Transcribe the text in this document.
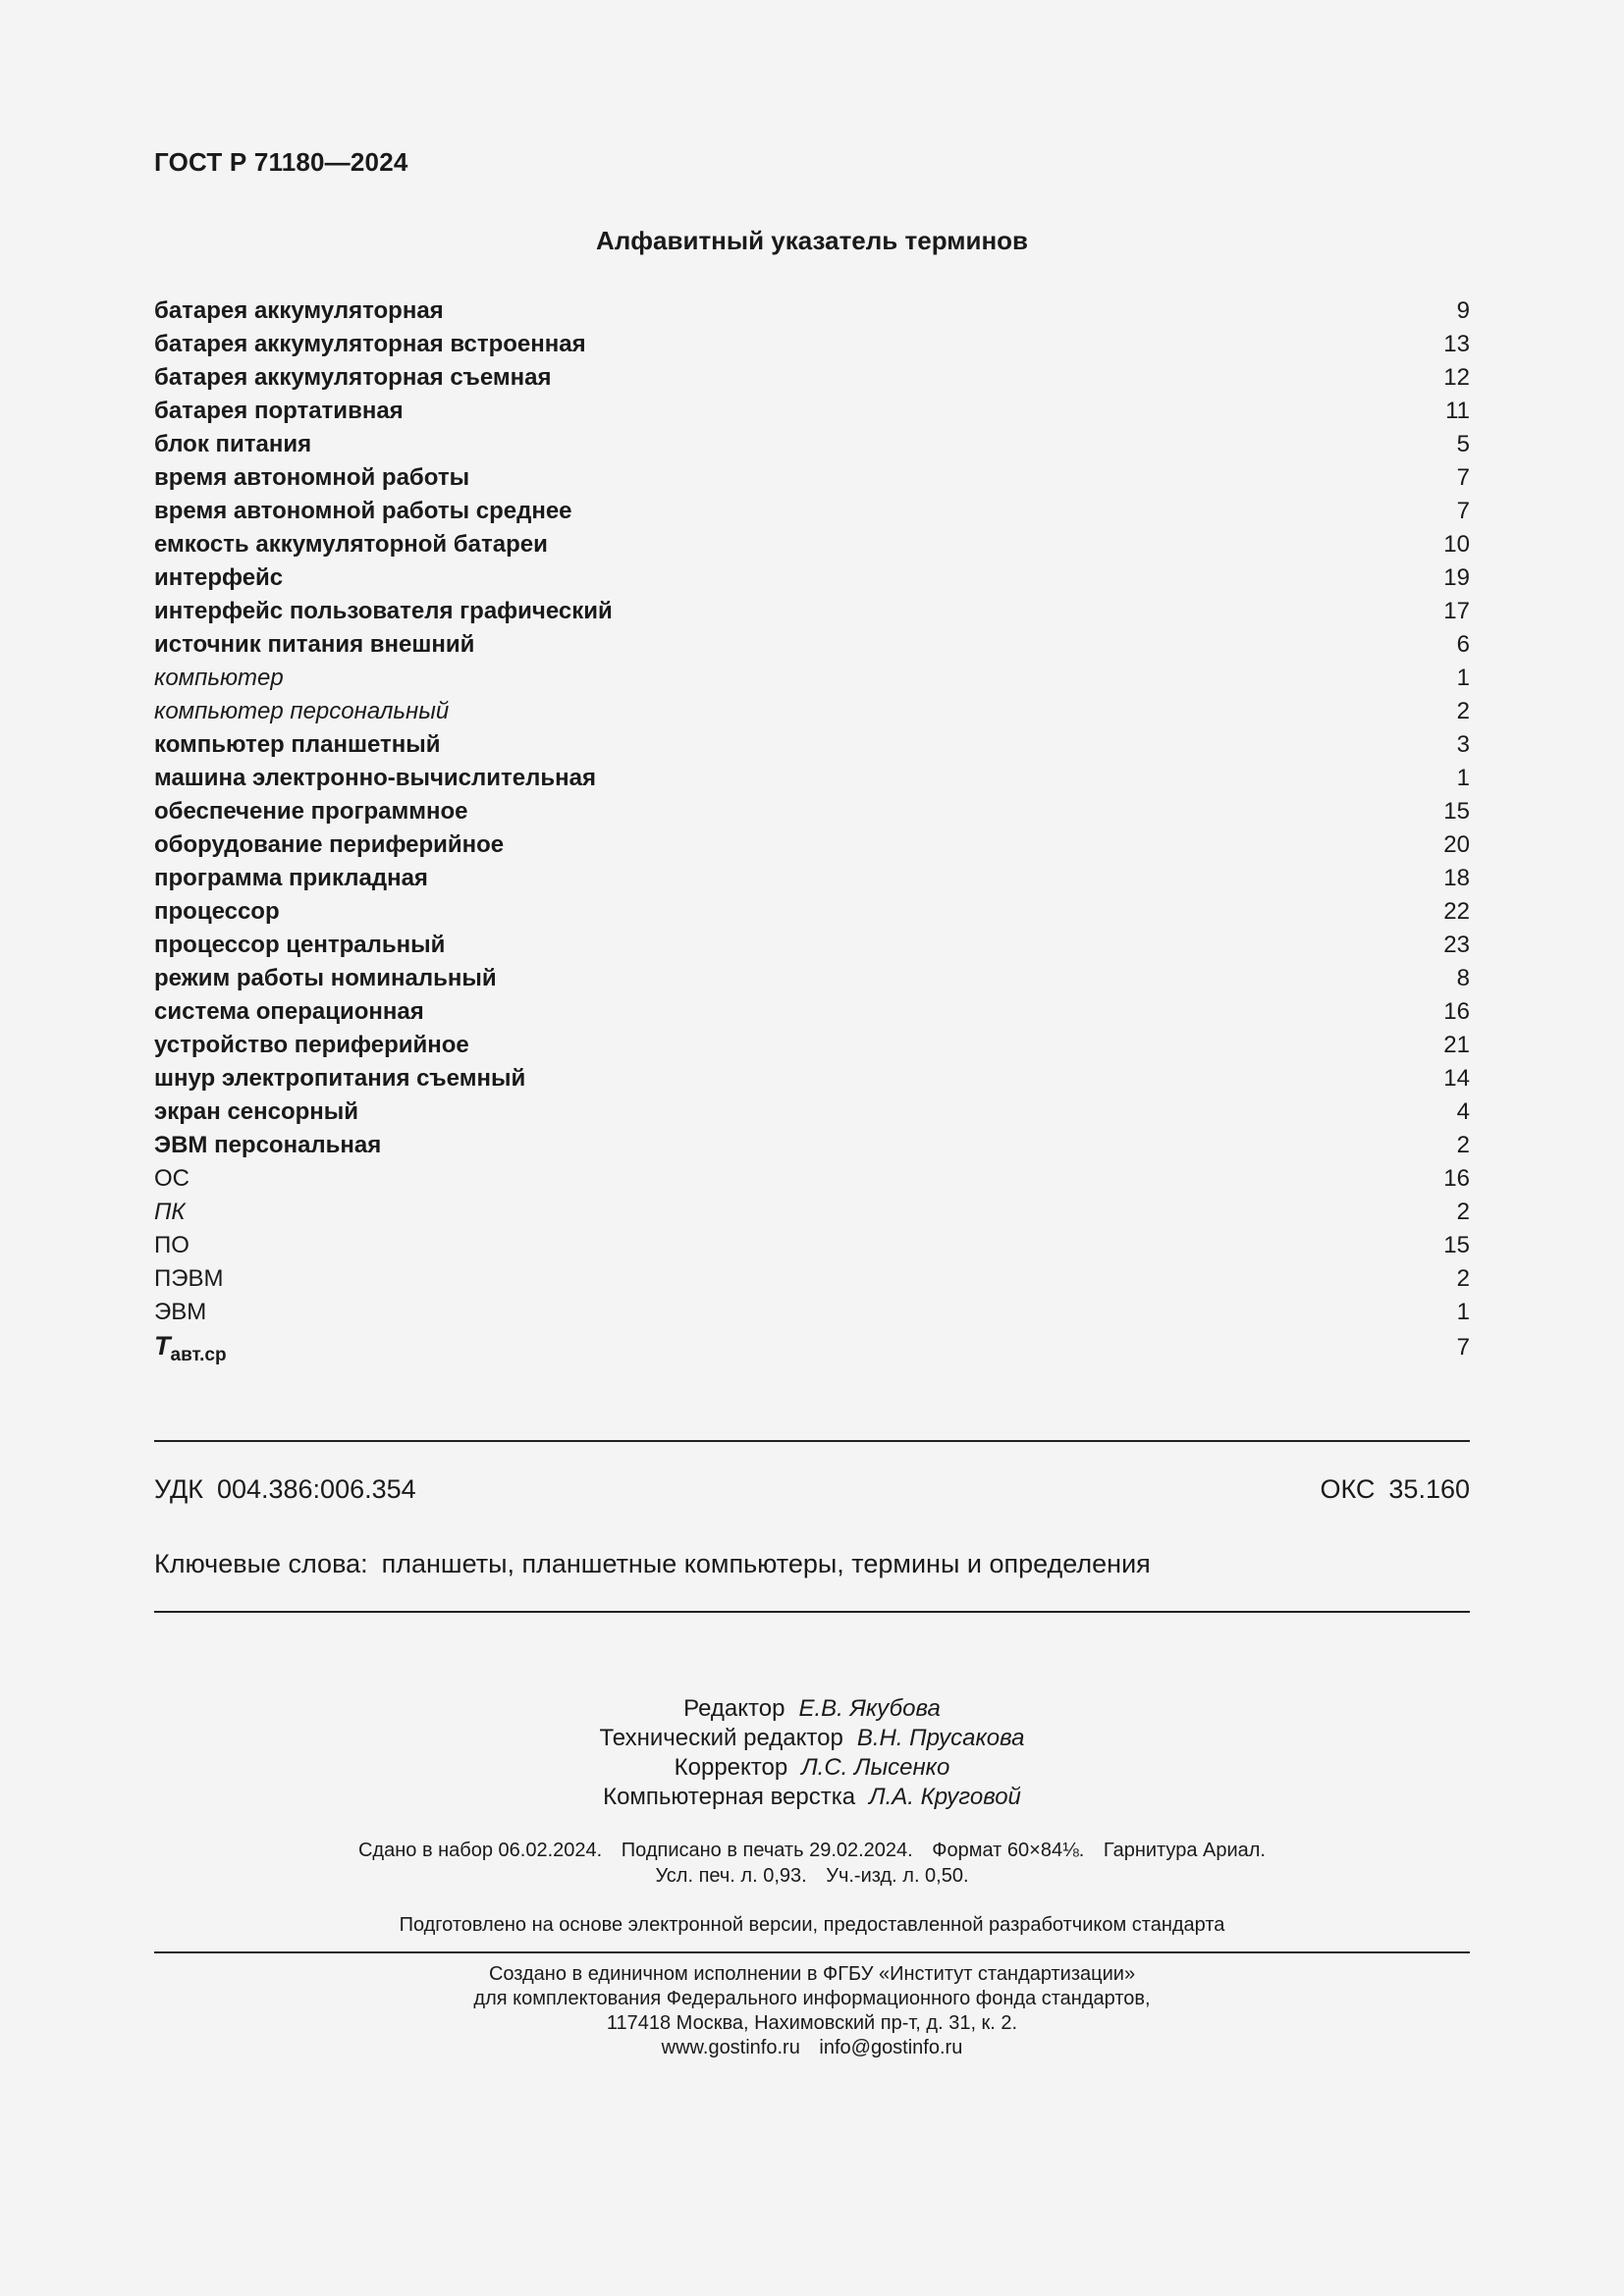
ГОСТ Р 71180—2024
Алфавитный указатель терминов
батарея аккумуляторная	9
батарея аккумуляторная встроенная	13
батарея аккумуляторная съемная	12
батарея портативная	11
блок питания	5
время автономной работы	7
время автономной работы среднее	7
емкость аккумуляторной батареи	10
интерфейс	19
интерфейс пользователя графический	17
источник питания внешний	6
компьютер	1
компьютер персональный	2
компьютер планшетный	3
машина электронно-вычислительная	1
обеспечение программное	15
оборудование периферийное	20
программа прикладная	18
процессор	22
процессор центральный	23
режим работы номинальный	8
система операционная	16
устройство периферийное	21
шнур электропитания съемный	14
экран сенсорный	4
ЭВМ персональная	2
ОС	16
ПК	2
ПО	15
ПЭВМ	2
ЭВМ	1
$T_{авт.ср}$	7
УДК 004.386:006.354	ОКС 35.160
Ключевые слова: планшеты, планшетные компьютеры, термины и определения
Редактор Е.В. Якубова
Технический редактор В.Н. Прусакова
Корректор Л.С. Лысенко
Компьютерная верстка Л.А. Круговой
Сдано в набор 06.02.2024. Подписано в печать 29.02.2024. Формат 60×84⅛. Гарнитура Ариал.
Усл. печ. л. 0,93. Уч.-изд. л. 0,50.
Подготовлено на основе электронной версии, предоставленной разработчиком стандарта
Создано в единичном исполнении в ФГБУ «Институт стандартизации»
для комплектования Федерального информационного фонда стандартов,
117418 Москва, Нахимовский пр-т, д. 31, к. 2.
www.gostinfo.ru info@gostinfo.ru
